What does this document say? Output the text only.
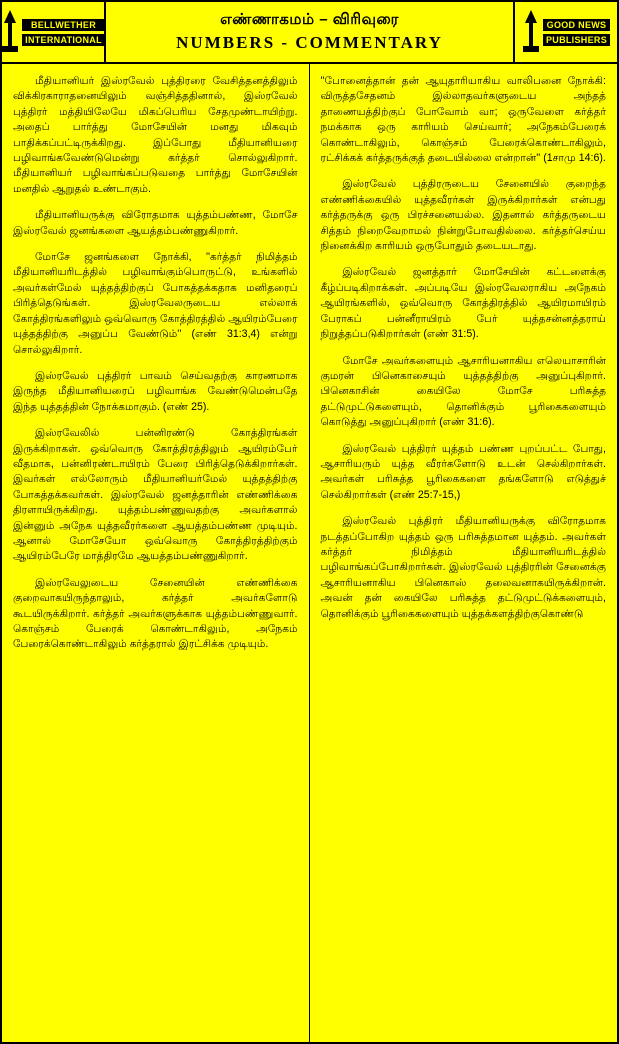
BELLWETHER
INTERNATIONAL
எண்ணாகமம் – விரிவுரை
NUMBERS - COMMENTARY
GOOD NEWS
PUBLISHERS

மீதியானியர் இஸ்ரவேல் புத்திரரை வேசித்தனத்திலும் விக்கிரகாராதனையிலும் வஞ்சித்ததினால், இஸ்ரவேல் புத்திரர் மத்தியிலேயே மிகப்பெரிய சேதமுண்டாயிற்று. அதைப் பார்த்து மோசேயின் மனது மிகவும் பாதிக்கப்பட்டிருக்கிறது. இப்போது மீதியானியரை பழிவாங்கவேண்டுமென்று கர்த்தர் சொல்லுகிறார். மீதியானியர் பழிவாங்கப்படுவதை பார்த்து மோசேயின் மனதில் ஆறுதல் உண்டாகும்.

மீதியானியருக்கு விரோதமாக யுத்தம்பண்ண, மோசே இஸ்ரவேல் ஜனங்களை ஆயத்தம்பண்ணுகிறார்.

மோசே ஜனங்களை நோக்கி, ''கர்த்தர் நிமித்தம் மீதியானியரிடத்தில் பழிவாங்கும்பொருட்டு, உங்களில் அவர்கள்மேல் யுத்தத்திற்குப் போகத்தக்கதாக மனிதரைப் பிரித்தெடுங்கள். இஸ்ரவேலருடைய எல்லாக் கோத்திரங்களிலும் ஒவ்வொரு கோத்திரத்தில் ஆயிரம்பேரை யுத்தத்திற்கு அனுப்ப வேண்டும்'' (எண் 31:3,4) என்று சொல்லுகிறார்.

இஸ்ரவேல் புத்திரர் பாவம் செய்வதற்கு காரணமாக இருந்த மீதியானியரைப் பழிவாங்க வேண்டுமென்பதே இந்த யுத்தத்தின் நோக்கமாகும். (எண் 25).

இஸ்ரவேலில் பன்னிரண்டு கோத்திரங்கள் இருக்கிறாகள். ஒவ்வொரு கோத்திரத்திலும் ஆயிரம்பேர் வீதமாக, பன்னிரண்டாயிரம் பேரை பிரித்தெடுக்கிறார்கள். இவர்கள் எல்லோரும் மீதியானியர்மேல் யுத்தத்திற்கு போகத்தக்கவர்கள். இஸ்ரவேல் ஜனத்தாரின் எண்ணிக்கை திரளாயிருக்கிறது. யுத்தம்பண்ணுவதற்கு அவர்களால் இன்னும் அநேக யுத்தவீரர்களை ஆயத்தம்பண்ண முடியும். ஆனால் மோசேயோ ஒவ்வொரு கோத்திரத்திற்கும் ஆயிரம்பேரே மாத்திரமே ஆயத்தம்பண்ணுகிறார்.

இஸ்ரவேலுடைய சேனையின் எண்ணிக்கை குறைவாகயிருந்தாலும், கர்த்தர் அவர்களோடு கூடயிருக்கிறார். கர்த்தர் அவர்களுக்காக யுத்தம்பண்ணுவார். கொஞ்சம் பேரைக் கொண்டாகிலும், அநேகம் பேரைக்கொண்டாகிலும் கர்த்தரால் இரட்சிக்க முடியும்.

''போனைத்தான் தன் ஆயுதாரியாகிய வாலிபனை நோக்கி: விருத்தசேதனம் இல்லாதவர்களுடைய அந்தத் தாணையத்திற்குப் போவோம் வா; ஒருவேளை கர்த்தர் நமக்காக ஒரு காரியம் செய்வார்; அநேகம்பேரைக் கொண்டாகிலும், கொஞ்சம் பேரைக்கொண்டாகிலும், ரட்சிக்கக் கர்த்தருக்குத் தடையில்லை என்றான்'' (1சாமு 14:6).

இஸ்ரவேல் புத்திரருடைய சேனையில் குறைந்த எண்ணிக்கையில் யுத்தவீரர்கள் இருக்கிறார்கள் என்பது கர்த்தருக்கு ஒரு பிரச்சனையல்ல. இதனால் கர்த்தருடைய சித்தம் நிறைவேறாமல் நின்றுபோவதில்லை. கர்த்தர்செய்ய நினைக்கிற காரியம் ஒருபோதும் தடையடாது.

இஸ்ரவேல் ஜனத்தார் மோசேயின் கட்டளைக்கு கீழ்ப்படிகிறாக்கள். அப்படியே இஸ்ரவேலராகிய அநேகம் ஆயிரங்களில், ஒவ்வொரு கோத்திரத்தில் ஆயிரமாயிரம் பேராகப் பன்னீராயிரம் பேர் யுத்தசன்னத்தராய் நிறுத்தப்படுகிறார்கள் (எண் 31:5).

மோசே அவர்களையும் ஆசாரியனாகிய எலெயாசாரின் குமரன் பினெகாசையும் யுத்தத்திற்கு அனுப்புகிறார். பினெகாசின் கையிலே மோசே பரிசுத்த தட்டுமுட்டுகளையும், தொனிக்கும் பூரிகைகளையும் கொடுத்து அனுப்புகிறார் (எண் 31:6).

இஸ்ரவேல் புத்திரர் யுத்தம் பண்ண புறப்பட்ட போது, ஆசாரியரும் யுத்த வீரர்களோடு உடன் செல்கிறார்கள். அவர்கள் பரிசுத்த பூரிகைகளை தங்களோடு எடுத்துச் செல்கிறார்கள் (எண் 25:7-15,)

இஸ்ரவேல் புத்திரர் மீதியானியருக்கு விரோதமாக நடத்தப்போகிற யுத்தம் ஒரு பரிசுத்தமான யுத்தம். அவர்கள் கர்த்தர் நிமித்தம் மீதியானியரிடத்தில் பழிவாங்கப்போகிறார்கள். இஸ்ரவேல் புத்திரரின் சேனைக்கு ஆசாரியனாகிய பினெகாஸ் தலைவனாகயிருக்கிறான். அவன் தன் கையிலே பரிசுத்த தட்டுமுட்டுக்களையும், தொனிக்கும் பூரிகைகளையும் யுத்தக்களத்திற்குகொண்டு
